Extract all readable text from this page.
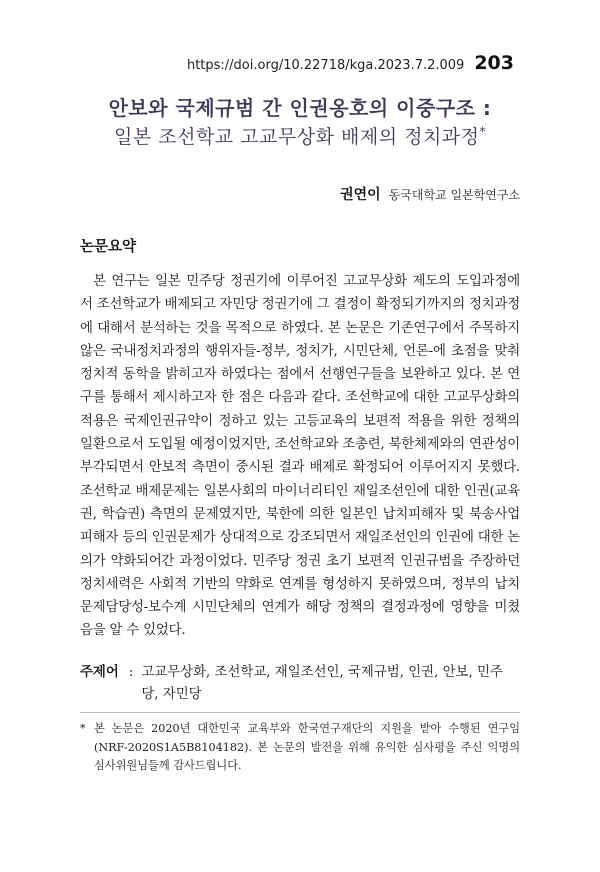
https://doi.org/10.22718/kga.2023.7.2.009 203
안보와 국제규범 간 인권옹호의 이중구조 :
일본 조선학교 고교무상화 배제의 정치과정*
권연이 동국대학교 일본학연구소
논문요약

본 연구는 일본 민주당 정권기에 이루어진 고교무상화 제도의 도입과정에서 조선학교가 배제되고 자민당 정권기에 그 결정이 확정되기까지의 정치과정에 대해서 분석하는 것을 목적으로 하였다. 본 논문은 기존연구에서 주목하지 않은 국내정치과정의 행위자들-정부, 정치가, 시민단체, 언론-에 초점을 맞춰 정치적 동학을 밝히고자 하였다는 점에서 선행연구들을 보완하고 있다. 본 연구를 통해서 제시하고자 한 점은 다음과 같다. 조선학교에 대한 고교무상화의 적용은 국제인권규약이 정하고 있는 고등교육의 보편적 적용을 위한 정책의 일환으로서 도입될 예정이었지만, 조선학교와 조총련, 북한체제와의 연관성이 부각되면서 안보적 측면이 중시된 결과 배제로 확정되어 이루어지지 못했다. 조선학교 배제문제는 일본사회의 마이너리티인 재일조선인에 대한 인권(교육권, 학습권) 측면의 문제였지만, 북한에 의한 일본인 납치피해자 및 북송사업 피해자 등의 인권문제가 상대적으로 강조되면서 재일조선인의 인권에 대한 논의가 약화되어간 과정이었다. 민주당 정권 초기 보편적 인권규범을 주장하던 정치세력은 사회적 기반의 약화로 연계를 형성하지 못하였으며, 정부의 납치문제담당성-보수계 시민단체의 연계가 해당 정책의 결정과정에 영향을 미쳤음을 알 수 있었다.

주제어 : 고교무상화, 조선학교, 재일조선인, 국제규범, 인권, 안보, 민주당, 자민당
* 본 논문은 2020년 대한민국 교육부와 한국연구재단의 지원을 받아 수행된 연구임(NRF-2020S1A5B8104182). 본 논문의 발전을 위해 유익한 심사평을 주신 익명의 심사위원님들께 감사드립니다.
